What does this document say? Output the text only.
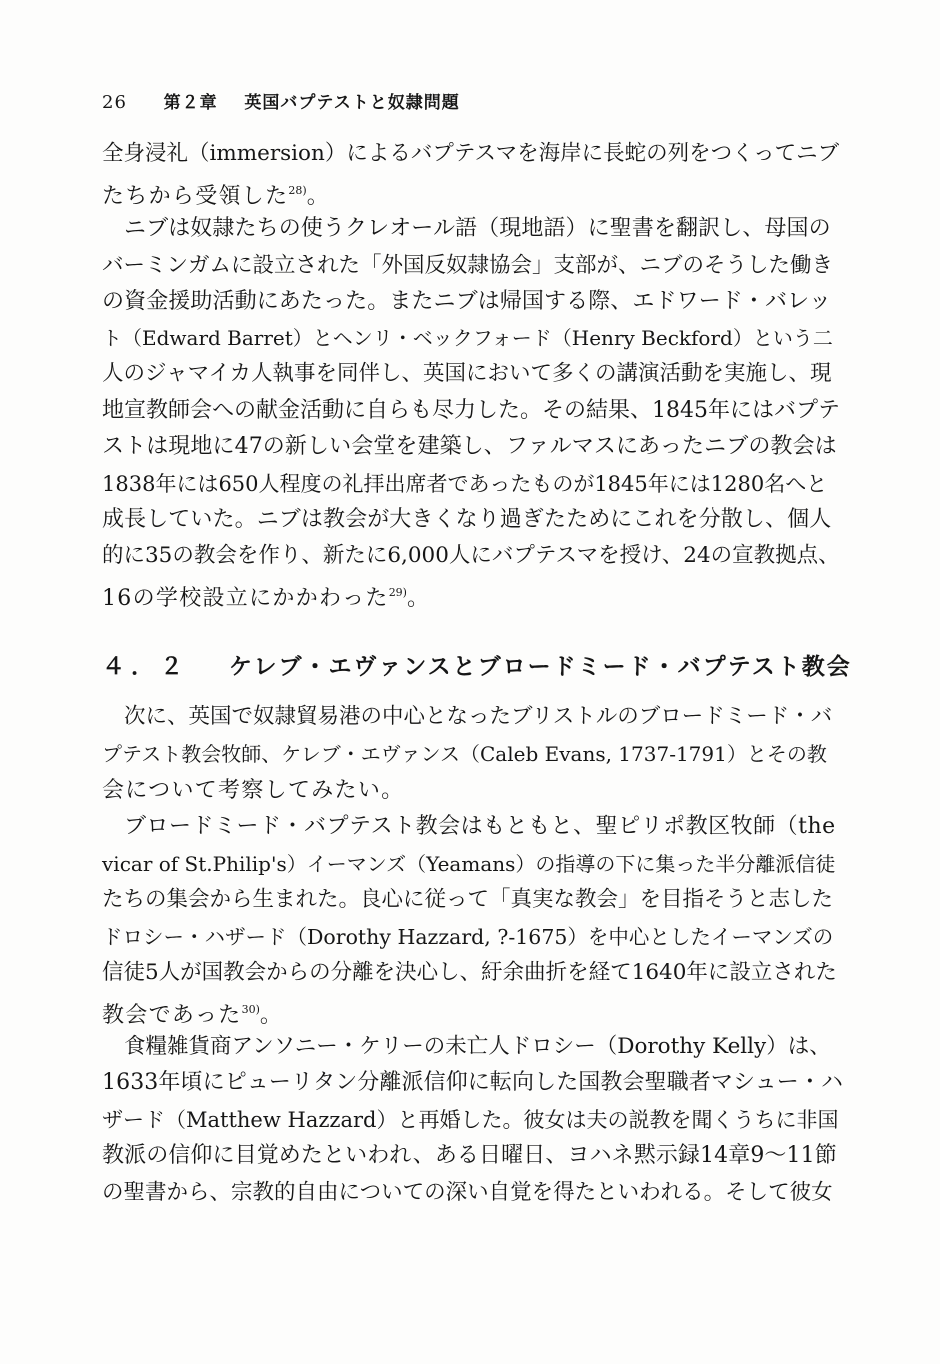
26 第２章 英国バプテストと奴隷問題
全身浸礼（immersion）によるバプテスマを海岸に長蛇の列をつくってニブ
たちから受領した$^{28)}$。
ニブは奴隷たちの使うクレオール語（現地語）に聖書を翻訳し、母国の
バーミンガムに設立された「外国反奴隷協会」支部が、ニブのそうした働き
の資金援助活動にあたった。またニブは帰国する際、エドワード・バレッ
ト（Edward Barret）とヘンリ・ベックフォード（Henry Beckford）という二
人のジャマイカ人執事を同伴し、英国において多くの講演活動を実施し、現
地宣教師会への献金活動に自らも尽力した。その結果、1845年にはバプテ
ストは現地に47の新しい会堂を建築し、ファルマスにあったニブの教会は
1838年には650人程度の礼拝出席者であったものが1845年には1280名へと
成長していた。ニブは教会が大きくなり過ぎたためにこれを分散し、個人
的に35の教会を作り、新たに6,000人にバプテスマを授け、24の宣教拠点、
16の学校設立にかかわった$^{29)}$。
次に、英国で奴隷貿易港の中心となったブリストルのブロードミード・バ
プテスト教会牧師、ケレブ・エヴァンス（Caleb Evans, 1737-1791）とその教
会について考察してみたい。
ブロードミード・バプテスト教会はもともと、聖ピリポ教区牧師（the
vicar of St.Philip's）イーマンズ（Yeamans）の指導の下に集った半分離派信徒
たちの集会から生まれた。良心に従って「真実な教会」を目指そうと志した
ドロシー・ハザード（Dorothy Hazzard, ?-1675）を中心としたイーマンズの
信徒5人が国教会からの分離を決心し、紆余曲折を経て1640年に設立された
教会であった$^{30)}$。
食糧雑貨商アンソニー・ケリーの未亡人ドロシー（Dorothy Kelly）は、
1633年頃にピューリタン分離派信仰に転向した国教会聖職者マシュー・ハ
ザード（Matthew Hazzard）と再婚した。彼女は夫の説教を聞くうちに非国
教派の信仰に目覚めたといわれ、ある日曜日、ヨハネ黙示録14章9～11節
の聖書から、宗教的自由についての深い自覚を得たといわれる。そして彼女
４．２ ケレブ・エヴァンスとブロードミード・バプテスト教会
